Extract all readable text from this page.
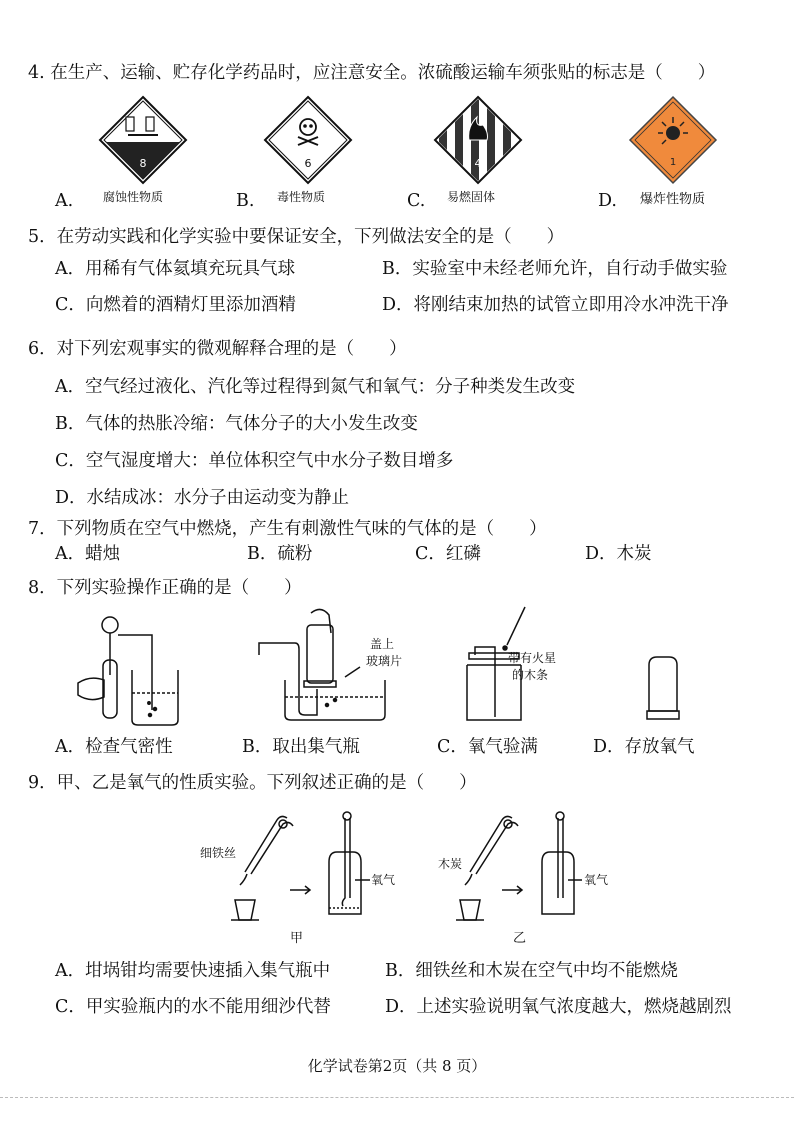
4. 在生产、运输、贮存化学药品时，应注意安全。浓硫酸运输车须张贴的标志是（　　）
8	6	4	1
A. 腐蚀性物质	B. 毒性物质	C. 易燃固体	D. 爆炸性物质
5．在劳动实践和化学实验中要保证安全，下列做法安全的是（　　）
A．用稀有气体氦填充玩具气球	B．实验室中未经老师允许，自行动手做实验
C．向燃着的酒精灯里添加酒精	D．将刚结束加热的试管立即用冷水冲洗干净
6．对下列宏观事实的微观解释合理的是（　　）
A．空气经过液化、汽化等过程得到氮气和氧气：分子种类发生改变
B．气体的热胀冷缩：气体分子的大小发生改变
C．空气湿度增大：单位体积空气中水分子数目增多
D．水结成冰：水分子由运动变为静止
7．下列物质在空气中燃烧，产生有刺激性气味的气体的是（　　）
A．蜡烛	B．硫粉	C．红磷	D．木炭
8．下列实验操作正确的是（　　）
盖上
玻璃片	带有火星
的木条
A．检查气密性	B．取出集气瓶	C．氧气验满	D．存放氧气
9．甲、乙是氧气的性质实验。下列叙述正确的是（　　）
细铁丝
氧气
甲
木炭
氧气
乙
A．坩埚钳均需要快速插入集气瓶中	B．细铁丝和木炭在空气中均不能燃烧
C．甲实验瓶内的水不能用细沙代替	D．上述实验说明氧气浓度越大，燃烧越剧烈
化学试卷第2页（共 8 页）
